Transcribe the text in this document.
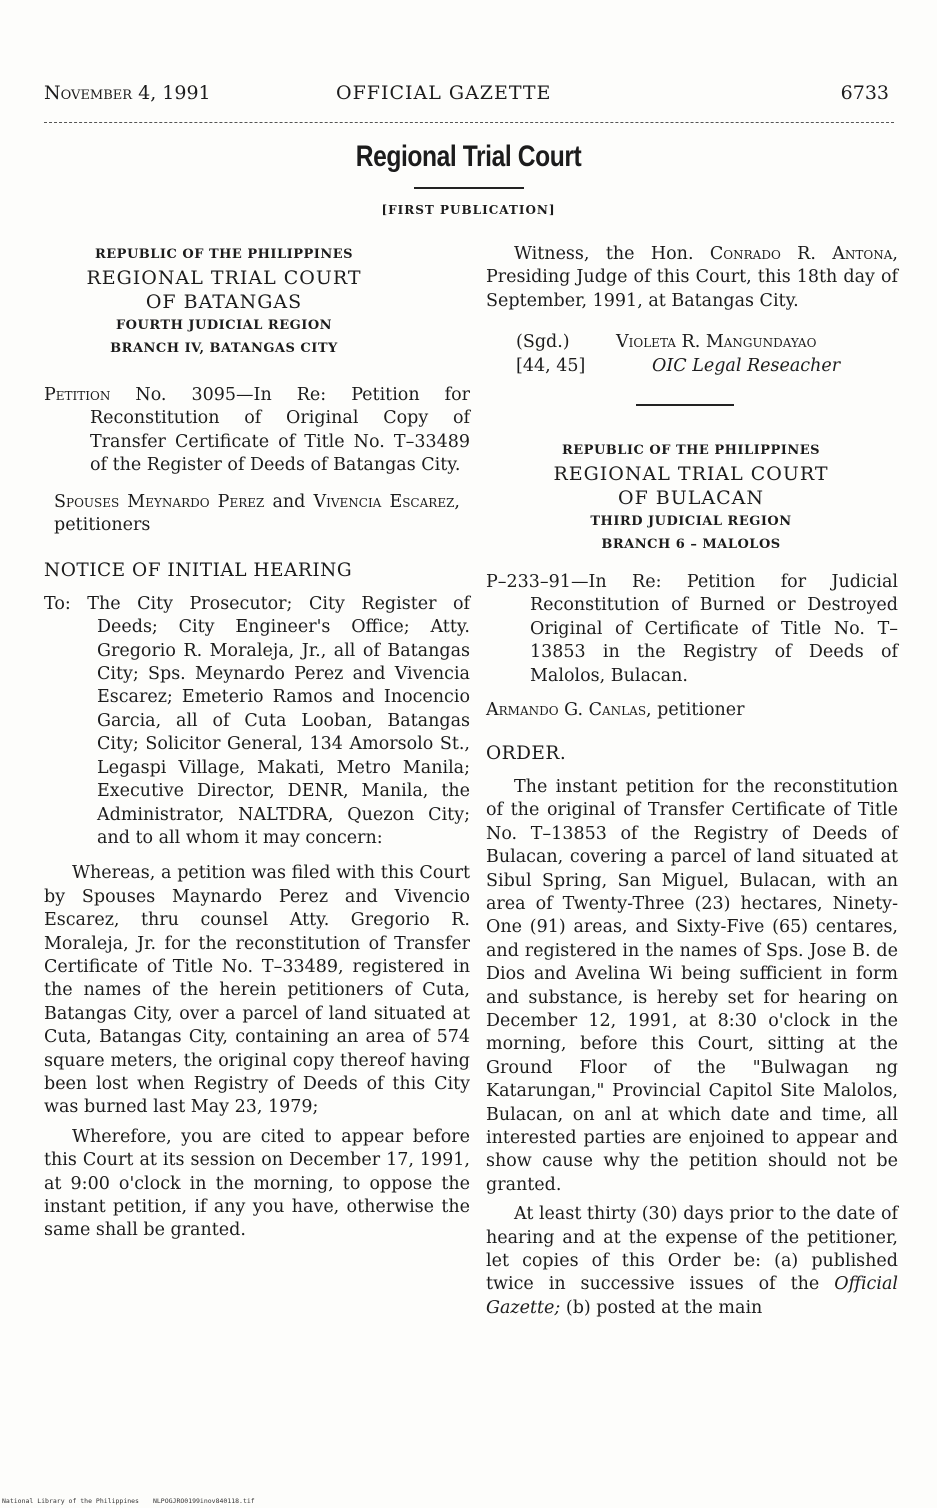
November 4, 1991	OFFICIAL GAZETTE	6733
Regional Trial Court
[FIRST PUBLICATION]
REPUBLIC OF THE PHILIPPINES
REGIONAL TRIAL COURT
OF BATANGAS
FOURTH JUDICIAL REGION
BRANCH IV, BATANGAS CITY

Petition No. 3095—In Re: Petition for Reconstitution of Original Copy of Transfer Certificate of Title No. T–33489 of the Register of Deeds of Batangas City.

Spouses Meynardo Perez and Vivencia Escarez, petitioners

NOTICE OF INITIAL HEARING

To: The City Prosecutor; City Register of Deeds; City Engineer's Office; Atty. Gregorio R. Moraleja, Jr., all of Batangas City; Sps. Meynardo Perez and Vivencia Escarez; Emeterio Ramos and Inocencio Garcia, all of Cuta Looban, Batangas City; Solicitor General, 134 Amorsolo St., Legaspi Village, Makati, Metro Manila; Executive Director, DENR, Manila, the Administrator, NALTDRA, Quezon City; and to all whom it may concern:

Whereas, a petition was filed with this Court by Spouses Maynardo Perez and Vivencio Escarez, thru counsel Atty. Gregorio R. Moraleja, Jr. for the reconstitution of Transfer Certificate of Title No. T–33489, registered in the names of the herein petitioners of Cuta, Batangas City, over a parcel of land situated at Cuta, Batangas City, containing an area of 574 square meters, the original copy thereof having been lost when Registry of Deeds of this City was burned last May 23, 1979;

Wherefore, you are cited to appear before this Court at its session on December 17, 1991, at 9:00 o'clock in the morning, to oppose the instant petition, if any you have, otherwise the same shall be granted.

Witness, the Hon. Conrado R. Antona, Presiding Judge of this Court, this 18th day of September, 1991, at Batangas City.

(Sgd.)	Violeta R. Mangundayao
[44, 45]	OIC Legal Reseacher
REPUBLIC OF THE PHILIPPINES
REGIONAL TRIAL COURT
OF BULACAN
THIRD JUDICIAL REGION
BRANCH 6 – MALOLOS

P–233–91—In Re: Petition for Judicial Reconstitution of Burned or Destroyed Original of Certificate of Title No. T–13853 in the Registry of Deeds of Malolos, Bulacan.

Armando G. Canlas, petitioner

ORDER.

The instant petition for the reconstitution of the original of Transfer Certificate of Title No. T–13853 of the Registry of Deeds of Bulacan, covering a parcel of land situated at Sibul Spring, San Miguel, Bulacan, with an area of Twenty-Three (23) hectares, Ninety-One (91) areas, and Sixty-Five (65) centares, and registered in the names of Sps. Jose B. de Dios and Avelina Wi being sufficient in form and substance, is hereby set for hearing on December 12, 1991, at 8:30 o'clock in the morning, before this Court, sitting at the Ground Floor of the "Bulwagan ng Katarungan," Provincial Capitol Site Malolos, Bulacan, on anl at which date and time, all interested parties are enjoined to appear and show cause why the petition should not be granted.

At least thirty (30) days prior to the date of hearing and at the expense of the petitioner, let copies of this Order be: (a) published twice in successive issues of the Official Gazette; (b) posted at the main

National Library of the Philippines NLPOGJRO0199inov840118.tif
